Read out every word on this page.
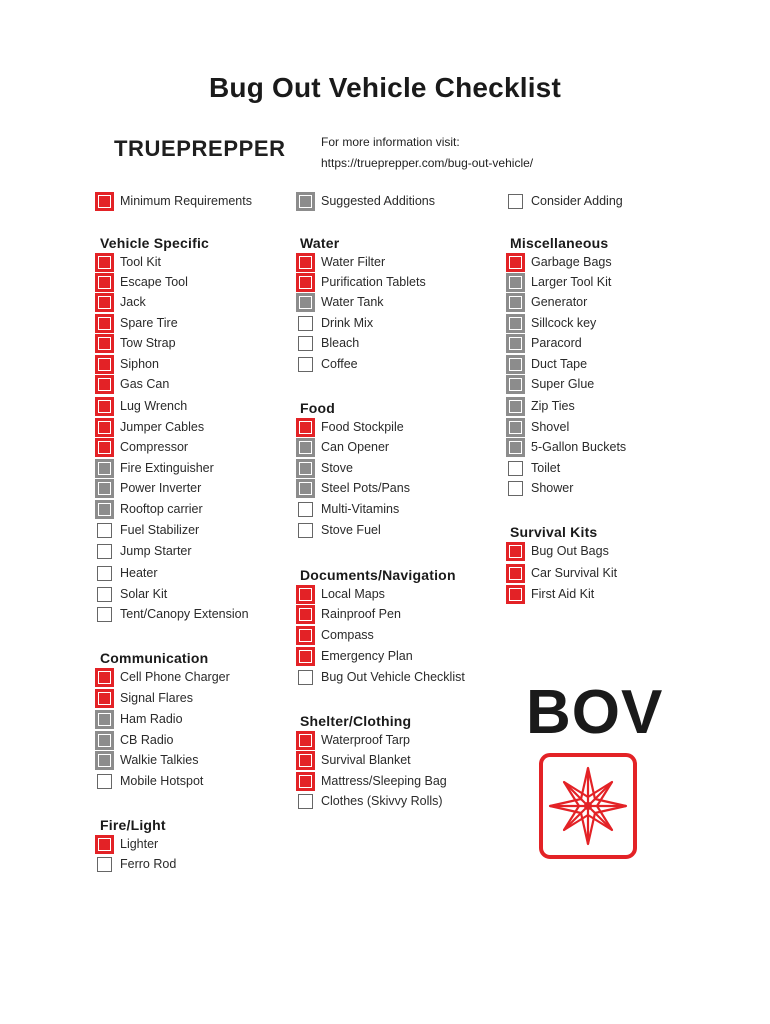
Bug Out Vehicle Checklist
TRUEPREPPER	For more information visit:
https://trueprepper.com/bug-out-vehicle/
Minimum Requirements	Suggested Additions	Consider Adding
Vehicle Specific
Communication
Fire/Light
Water
Food
Documents/Navigation
Shelter/Clothing
Miscellaneous
Survival Kits
Tool Kit
Escape Tool
Jack
Spare Tire
Tow Strap
Siphon
Gas Can
Lug Wrench
Jumper Cables
Compressor
Fire Extinguisher
Power Inverter
Rooftop carrier
Fuel Stabilizer
Jump Starter
Heater
Solar Kit
Tent/Canopy Extension
Cell Phone Charger
Signal Flares
Ham Radio
CB Radio
Walkie Talkies
Mobile Hotspot
Lighter
Ferro Rod
Water Filter
Purification Tablets
Water Tank
Drink Mix
Bleach
Coffee
Food Stockpile
Can Opener
Stove
Steel Pots/Pans
Multi-Vitamins
Stove Fuel
Local Maps
Rainproof Pen
Compass
Emergency Plan
Bug Out Vehicle Checklist
Waterproof Tarp
Survival Blanket
Mattress/Sleeping Bag
Clothes (Skivvy Rolls)
Garbage Bags
Larger Tool Kit
Generator
Sillcock key
Paracord
Duct Tape
Super Glue
Zip Ties
Shovel
5-Gallon Buckets
Toilet
Shower
Bug Out Bags
Car Survival Kit
First Aid Kit
BOV
